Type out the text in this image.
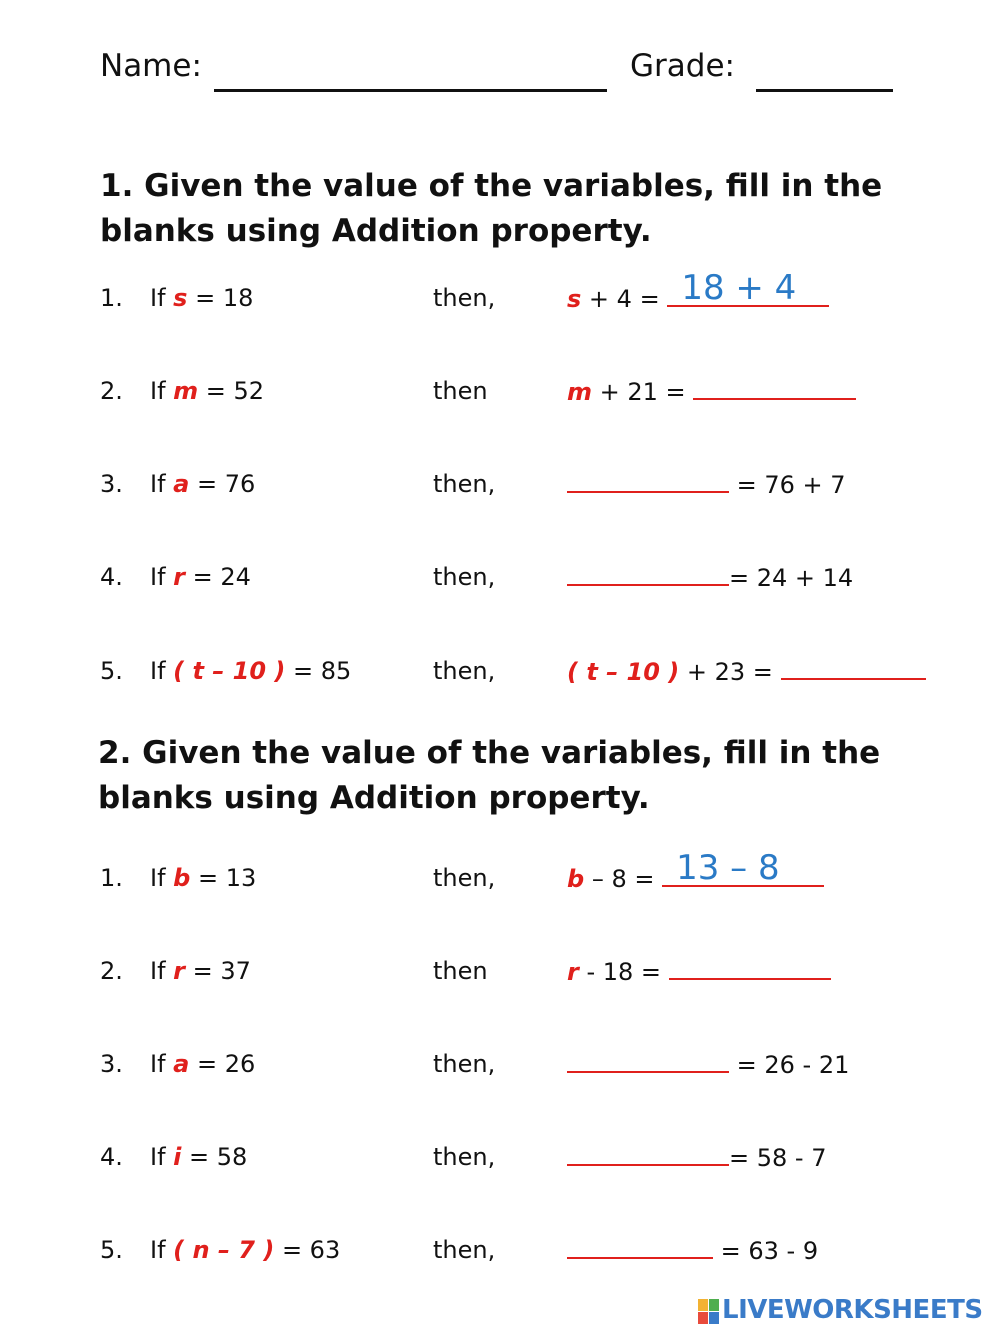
Name:	Grade:
1. Given the value of the variables, fill in the blanks using Addition property.
1. If s = 18	then,	s + 4 = 18 + 4
2. If m = 52	then	m + 21 =
3. If a = 76	then,	= 76 + 7
4. If r = 24	then,	= 24 + 14
5. If ( t – 10 ) = 85	then,	( t – 10 ) + 23 =
2. Given the value of the variables, fill in the blanks using Addition property.
1. If b = 13	then,	b – 8 = 13 – 8
2. If r = 37	then	r - 18 =
3. If a = 26	then,	= 26 - 21
4. If i = 58	then,	= 58 - 7
5. If ( n – 7 ) = 63	then,	= 63 - 9
LIVEWORKSHEETS
